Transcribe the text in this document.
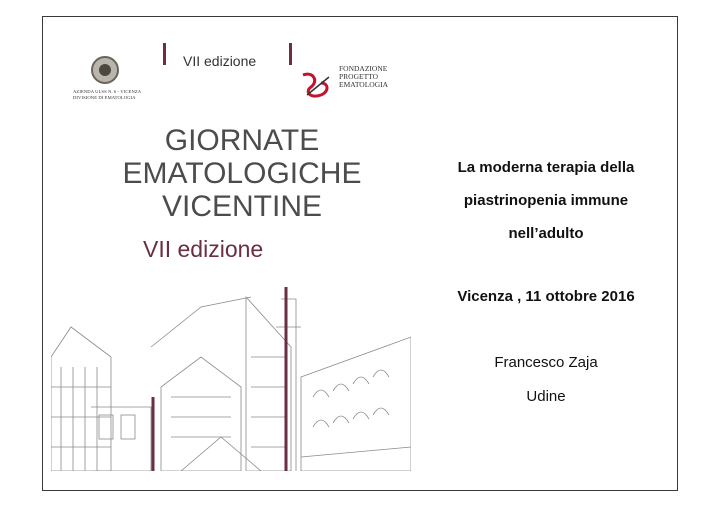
AZIENDA ULSS N. 6 - VICENZA DIVISIONE DI EMATOLOGIA
VII edizione	FONDAZIONE
PROGETTO
EMATOLOGIA
GIORNATE
EMATOLOGICHE
VICENTINE
VII edizione
La moderna terapia della
piastrinopenia immune
nell’adulto
Vicenza , 11 ottobre 2016
Francesco Zaja
Udine
